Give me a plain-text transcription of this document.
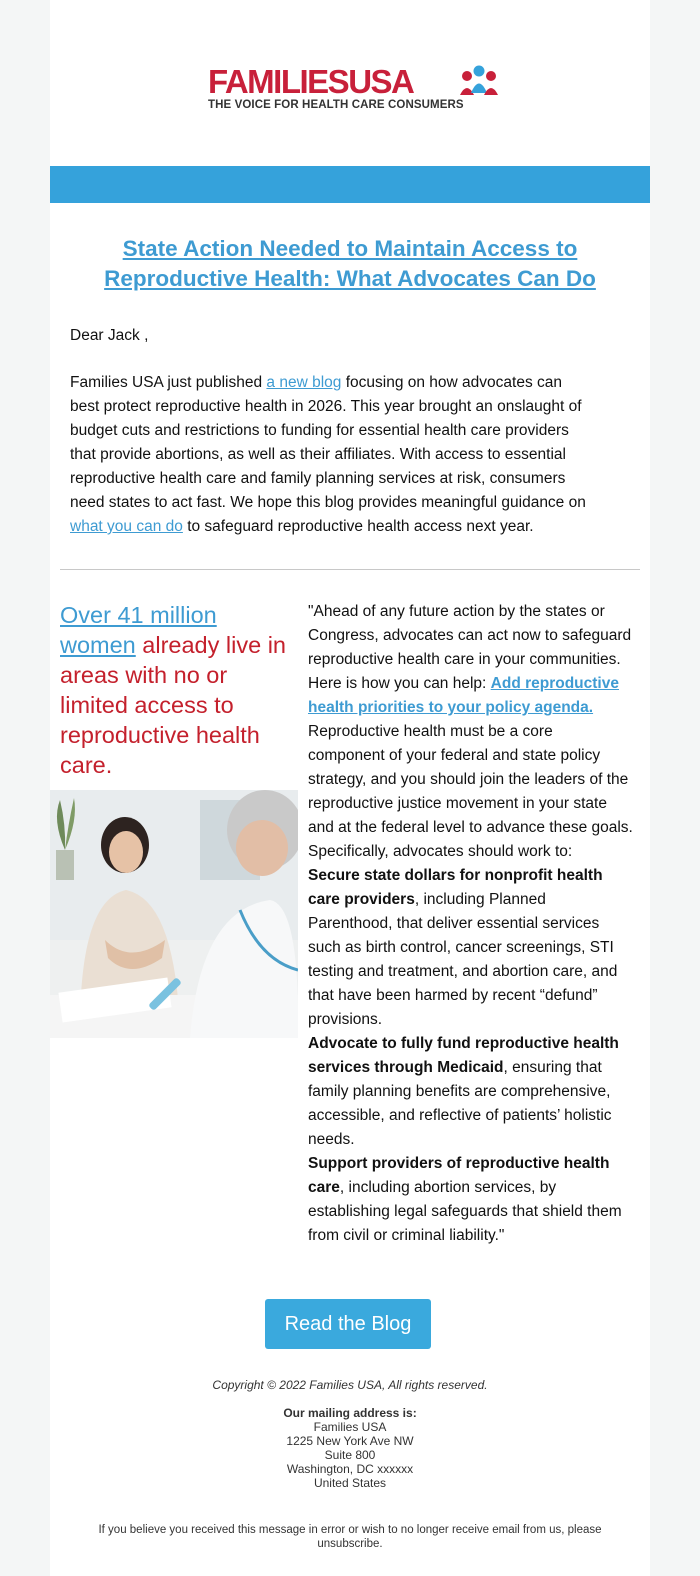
FAMILIESUSA
THE VOICE FOR HEALTH CARE CONSUMERS
State Action Needed to Maintain Access to Reproductive Health: What Advocates Can Do
Dear Jack ,
Families USA just published a new blog focusing on how advocates can best protect reproductive health in 2026. This year brought an onslaught of budget cuts and restrictions to funding for essential health care providers that provide abortions, as well as their affiliates. With access to essential reproductive health care and family planning services at risk, consumers need states to act fast. We hope this blog provides meaningful guidance on what you can do to safeguard reproductive health access next year.
Over 41 million women already live in areas with no or limited access to reproductive health care.
"Ahead of any future action by the states or Congress, advocates can act now to safeguard reproductive health care in your communities. Here is how you can help: Add reproductive health priorities to your policy agenda. Reproductive health must be a core component of your federal and state policy strategy, and you should join the leaders of the reproductive justice movement in your state and at the federal level to advance these goals. Specifically, advocates should work to:
Secure state dollars for nonprofit health care providers, including Planned Parenthood, that deliver essential services such as birth control, cancer screenings, STI testing and treatment, and abortion care, and that have been harmed by recent “defund” provisions.
Advocate to fully fund reproductive health services through Medicaid, ensuring that family planning benefits are comprehensive, accessible, and reflective of patients’ holistic needs.
Support providers of reproductive health care, including abortion services, by establishing legal safeguards that shield them from civil or criminal liability."
Read the Blog
Copyright © 2022 Families USA, All rights reserved.
Our mailing address is:
Families USA
1225 New York Ave NW
Suite 800
Washington, DC xxxxxx
United States
If you believe you received this message in error or wish to no longer receive email from us, please unsubscribe.
